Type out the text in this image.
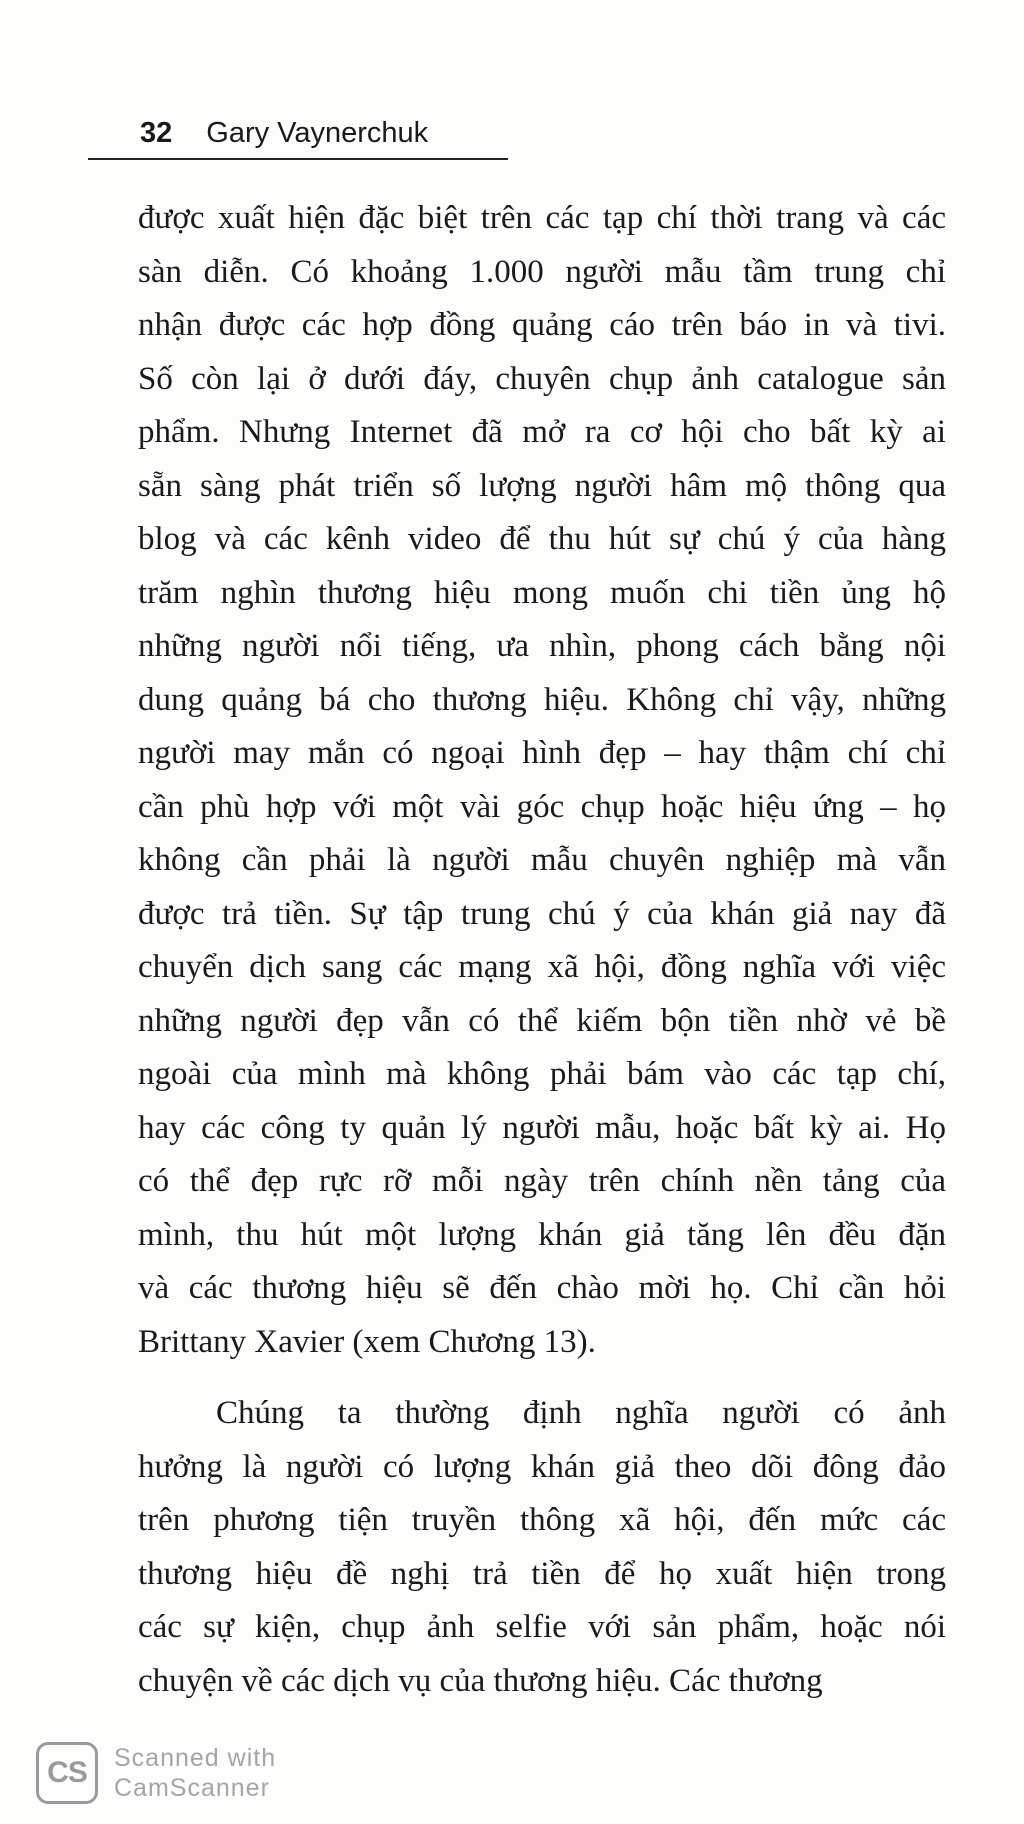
32 Gary Vaynerchuk
được xuất hiện đặc biệt trên các tạp chí thời trang và các
sàn diễn. Có khoảng 1.000 người mẫu tầm trung chỉ
nhận được các hợp đồng quảng cáo trên báo in và tivi.
Số còn lại ở dưới đáy, chuyên chụp ảnh catalogue sản
phẩm. Nhưng Internet đã mở ra cơ hội cho bất kỳ ai
sẵn sàng phát triển số lượng người hâm mộ thông qua
blog và các kênh video để thu hút sự chú ý của hàng
trăm nghìn thương hiệu mong muốn chi tiền ủng hộ
những người nổi tiếng, ưa nhìn, phong cách bằng nội
dung quảng bá cho thương hiệu. Không chỉ vậy, những
người may mắn có ngoại hình đẹp – hay thậm chí chỉ
cần phù hợp với một vài góc chụp hoặc hiệu ứng – họ
không cần phải là người mẫu chuyên nghiệp mà vẫn
được trả tiền. Sự tập trung chú ý của khán giả nay đã
chuyển dịch sang các mạng xã hội, đồng nghĩa với việc
những người đẹp vẫn có thể kiếm bộn tiền nhờ vẻ bề
ngoài của mình mà không phải bám vào các tạp chí,
hay các công ty quản lý người mẫu, hoặc bất kỳ ai. Họ
có thể đẹp rực rỡ mỗi ngày trên chính nền tảng của
mình, thu hút một lượng khán giả tăng lên đều đặn
và các thương hiệu sẽ đến chào mời họ. Chỉ cần hỏi
Brittany Xavier (xem Chương 13).
Chúng ta thường định nghĩa người có ảnh
hưởng là người có lượng khán giả theo dõi đông đảo
trên phương tiện truyền thông xã hội, đến mức các
thương hiệu đề nghị trả tiền để họ xuất hiện trong
các sự kiện, chụp ảnh selfie với sản phẩm, hoặc nói
chuyện về các dịch vụ của thương hiệu. Các thương
CS	Scanned with
CamScanner
